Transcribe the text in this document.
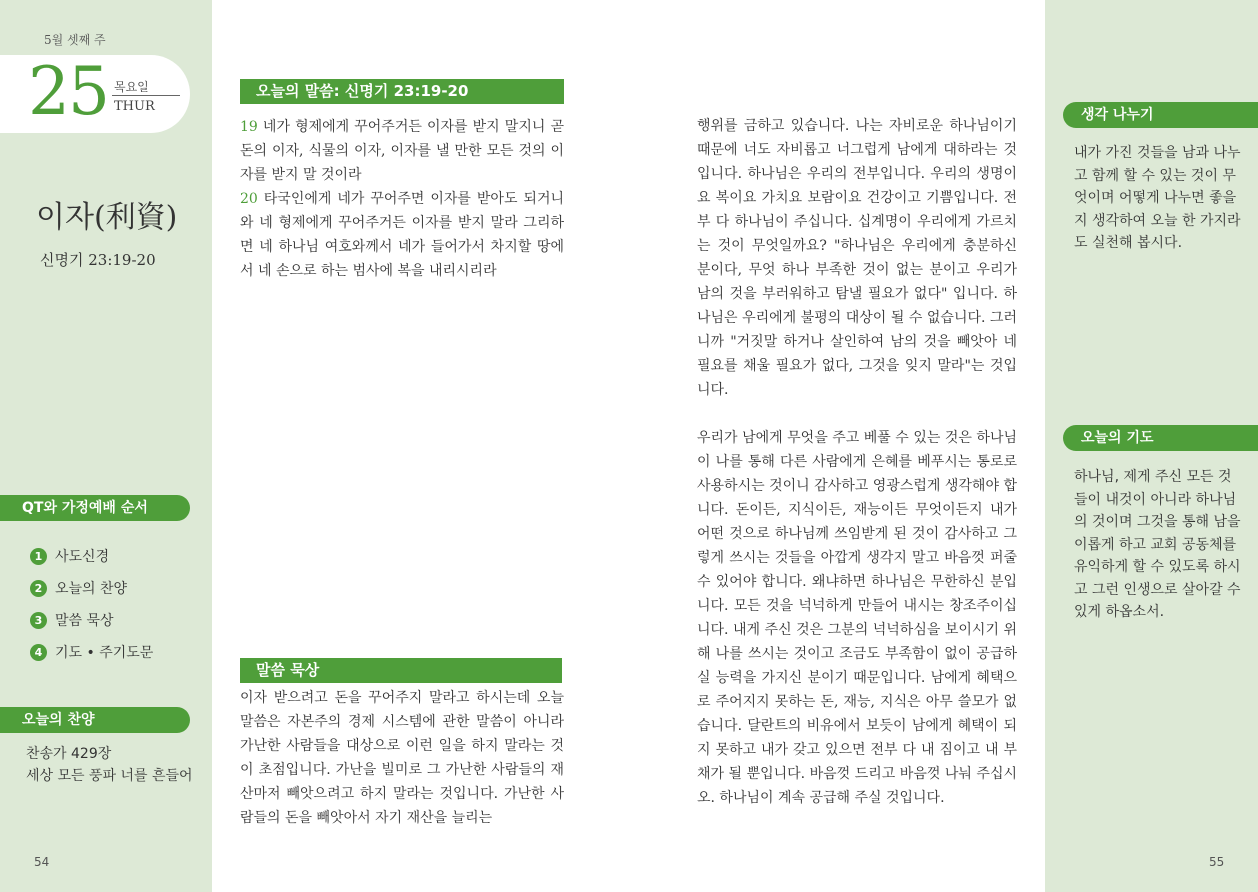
5월 셋째 주
25 목요일
THUR
이자(利資)
신명기 23:19-20
QT와 가정예배 순서
1 사도신경
2 오늘의 찬양
3 말씀 묵상
4 기도 • 주기도문
오늘의 찬양
찬송가 429장
세상 모든 풍파 너를 흔들어
54
오늘의 말씀: 신명기 23:19-20
19 네가 형제에게 꾸어주거든 이자를 받지 말지니 곧 돈의 이자, 식물의 이자, 이자를 낼 만한 모든 것의 이자를 받지 말 것이라
20 타국인에게 네가 꾸어주면 이자를 받아도 되거니와 네 형제에게 꾸어주거든 이자를 받지 말라 그리하면 네 하나님 여호와께서 네가 들어가서 차지할 땅에서 네 손으로 하는 범사에 복을 내리시리라
말씀 묵상
이자 받으려고 돈을 꾸어주지 말라고 하시는데 오늘 말씀은 자본주의 경제 시스템에 관한 말씀이 아니라 가난한 사람들을 대상으로 이런 일을 하지 말라는 것이 초점입니다. 가난을 빌미로 그 가난한 사람들의 재산마저 빼앗으려고 하지 말라는 것입니다. 가난한 사람들의 돈을 빼앗아서 자기 재산을 늘리는
행위를 금하고 있습니다. 나는 자비로운 하나님이기 때문에 너도 자비롭고 너그럽게 남에게 대하라는 것입니다. 하나님은 우리의 전부입니다. 우리의 생명이요 복이요 가치요 보람이요 건강이고 기쁨입니다. 전부 다 하나님이 주십니다. 십계명이 우리에게 가르치는 것이 무엇일까요? "하나님은 우리에게 충분하신 분이다, 무엇 하나 부족한 것이 없는 분이고 우리가 남의 것을 부러워하고 탐낼 필요가 없다" 입니다. 하나님은 우리에게 불평의 대상이 될 수 없습니다. 그러니까 "거짓말 하거나 살인하여 남의 것을 빼앗아 네 필요를 채울 필요가 없다, 그것을 잊지 말라"는 것입니다.
우리가 남에게 무엇을 주고 베풀 수 있는 것은 하나님이 나를 통해 다른 사람에게 은혜를 베푸시는 통로로 사용하시는 것이니 감사하고 영광스럽게 생각해야 합니다. 돈이든, 지식이든, 재능이든 무엇이든지 내가 어떤 것으로 하나님께 쓰임받게 된 것이 감사하고 그렇게 쓰시는 것들을 아깝게 생각지 말고 바음껏 퍼줄 수 있어야 합니다. 왜냐하면 하나님은 무한하신 분입니다. 모든 것을 넉넉하게 만들어 내시는 창조주이십니다. 내게 주신 것은 그분의 넉넉하심을 보이시기 위해 나를 쓰시는 것이고 조금도 부족함이 없이 공급하실 능력을 가지신 분이기 때문입니다. 남에게 혜택으로 주어지지 못하는 돈, 재능, 지식은 아무 쓸모가 없습니다. 달란트의 비유에서 보듯이 남에게 혜택이 되지 못하고 내가 갖고 있으면 전부 다 내 짐이고 내 부채가 될 뿐입니다. 바음껏 드리고 바음껏 나눠 주십시오. 하나님이 계속 공급해 주실 것입니다.
생각 나누기
내가 가진 것들을 남과 나누고 함께 할 수 있는 것이 무엇이며 어떻게 나누면 좋을지 생각하여 오늘 한 가지라도 실천해 봅시다.
오늘의 기도
하나님, 제게 주신 모든 것들이 내것이 아니라 하나님의 것이며 그것을 통해 남을 이롭게 하고 교회 공동체를 유익하게 할 수 있도록 하시고 그런 인생으로 살아갈 수 있게 하옵소서.
55
